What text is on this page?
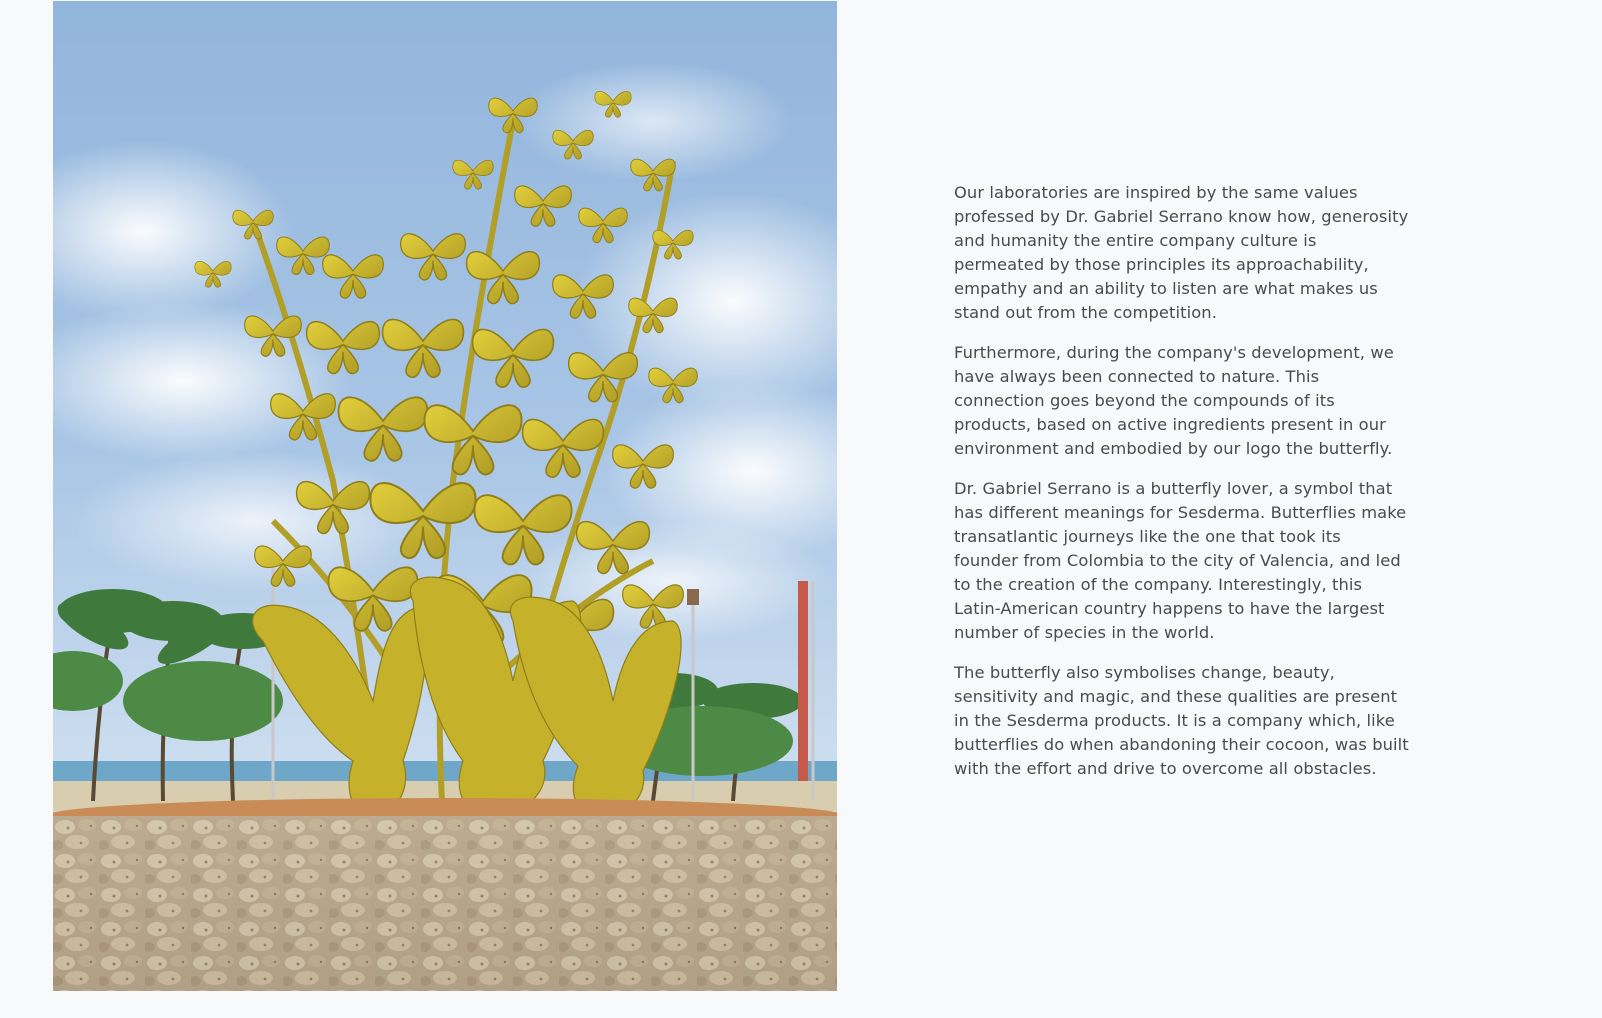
Our laboratories are inspired by the same values professed by Dr. Gabriel Serrano know how, generosity and humanity the entire company culture is permeated by those principles its approachability, empathy and an ability to listen are what makes us stand out from the competition.

Furthermore, during the company's development, we have always been connected to nature. This connection goes beyond the compounds of its products, based on active ingredients present in our environment and embodied by our logo the butterfly.

Dr. Gabriel Serrano is a butterfly lover, a symbol that has different meanings for Sesderma. Butterflies make transatlantic journeys like the one that took its founder from Colombia to the city of Valencia, and led to the creation of the company. Interestingly, this Latin-American country happens to have the largest number of species in the world.

The butterfly also symbolises change, beauty, sensitivity and magic, and these qualities are present in the Sesderma products. It is a company which, like butterflies do when abandoning their cocoon, was built with the effort and drive to overcome all obstacles.
